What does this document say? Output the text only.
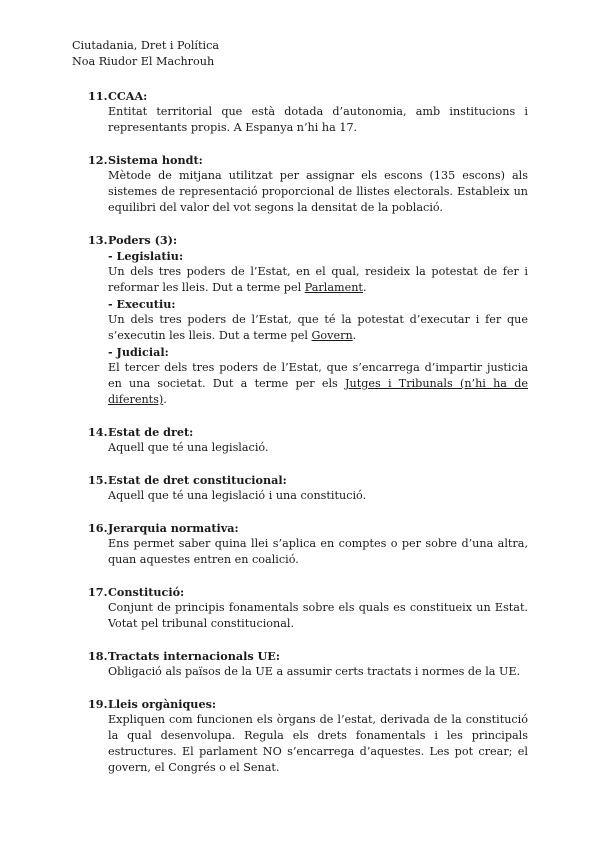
Ciutadania, Dret i Política
Noa Riudor El Machrouh
11. CCAA:

Entitat territorial que està dotada d’autonomia, amb institucions i representants propis. A Espanya n’hi ha 17.

12. Sistema hondt:

Mètode de mitjana utilitzat per assignar els escons (135 escons) als sistemes de representació proporcional de llistes electorals. Estableix un equilibri del valor del vot segons la densitat de la població.

13. Poders (3):
- Legislatiu:

Un dels tres poders de l’Estat, en el qual, resideix la potestat de fer i reformar les lleis. Dut a terme pel Parlament.

- Executiu:

Un dels tres poders de l’Estat, que té la potestat d’executar i fer que s’executin les lleis. Dut a terme pel Govern.

- Judicial:

El tercer dels tres poders de l’Estat, que s’encarrega d’impartir justicia en una societat. Dut a terme per els Jutges i Tribunals (n’hi ha de diferents).

14. Estat de dret:

Aquell que té una legislació.

15. Estat de dret constitucional:

Aquell que té una legislació i una constitució.

16. Jerarquia normativa:

Ens permet saber quina llei s’aplica en comptes o per sobre d’una altra, quan aquestes entren en coalició.

17. Constitució:

Conjunt de principis fonamentals sobre els quals es constitueix un Estat. Votat pel tribunal constitucional.

18. Tractats internacionals UE:

Obligació als països de la UE a assumir certs tractats i normes de la UE.

19. Lleis orgàniques:

Expliquen com funcionen els òrgans de l’estat, derivada de la constitució la qual desenvolupa. Regula els drets fonamentals i les principals estructures. El parlament NO s’encarrega d’aquestes. Les pot crear; el govern, el Congrés o el Senat.
